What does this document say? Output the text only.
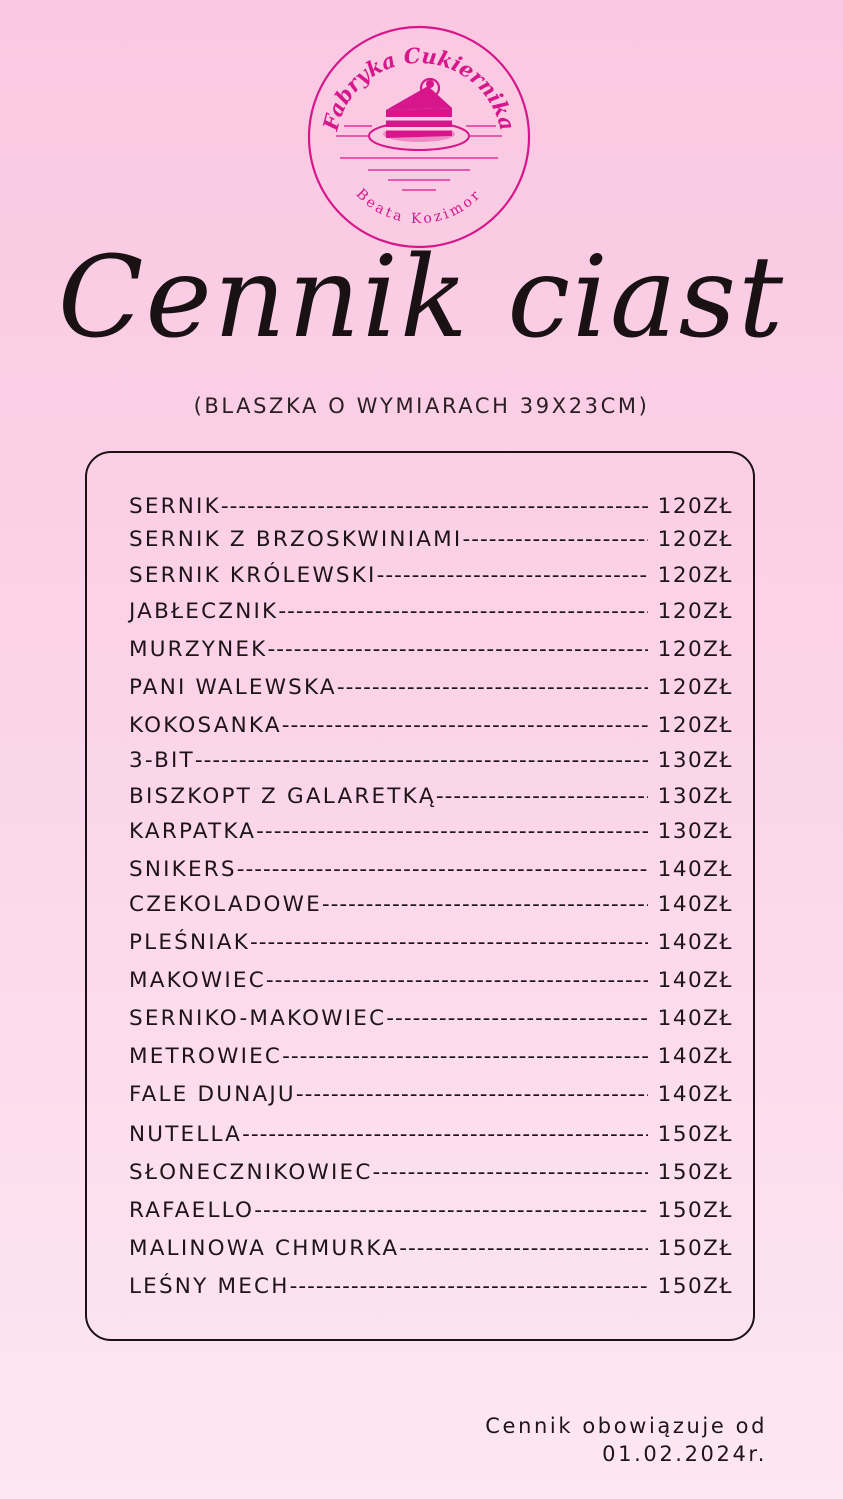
Fabryka Cukiernika
Beata Kozimor
Cennik ciast
(BLASZKA O WYMIARACH 39X23CM)
SERNIK -----	120ZŁ
SERNIK Z BRZOSKWINIAMI -----	120ZŁ
SERNIK KRÓLEWSKI -----	120ZŁ
JABŁECZNIK -----	120ZŁ
MURZYNEK -----	120ZŁ
PANI WALEWSKA -----	120ZŁ
KOKOSANKA -----	120ZŁ
3-BIT -----	130ZŁ
BISZKOPT Z GALARETKĄ -----	130ZŁ
KARPATKA -----	130ZŁ
SNIKERS -----	140ZŁ
CZEKOLADOWE -----	140ZŁ
PLEŚNIAK -----	140ZŁ
MAKOWIEC -----	140ZŁ
SERNIKO-MAKOWIEC -----	140ZŁ
METROWIEC -----	140ZŁ
FALE DUNAJU -----	140ZŁ
NUTELLA -----	150ZŁ
SŁONECZNIKOWIEC -----	150ZŁ
RAFAELLO -----	150ZŁ
MALINOWA CHMURKA -----	150ZŁ
LEŚNY MECH -----	150ZŁ
Cennik obowiązuje od
01.02.2024r.
